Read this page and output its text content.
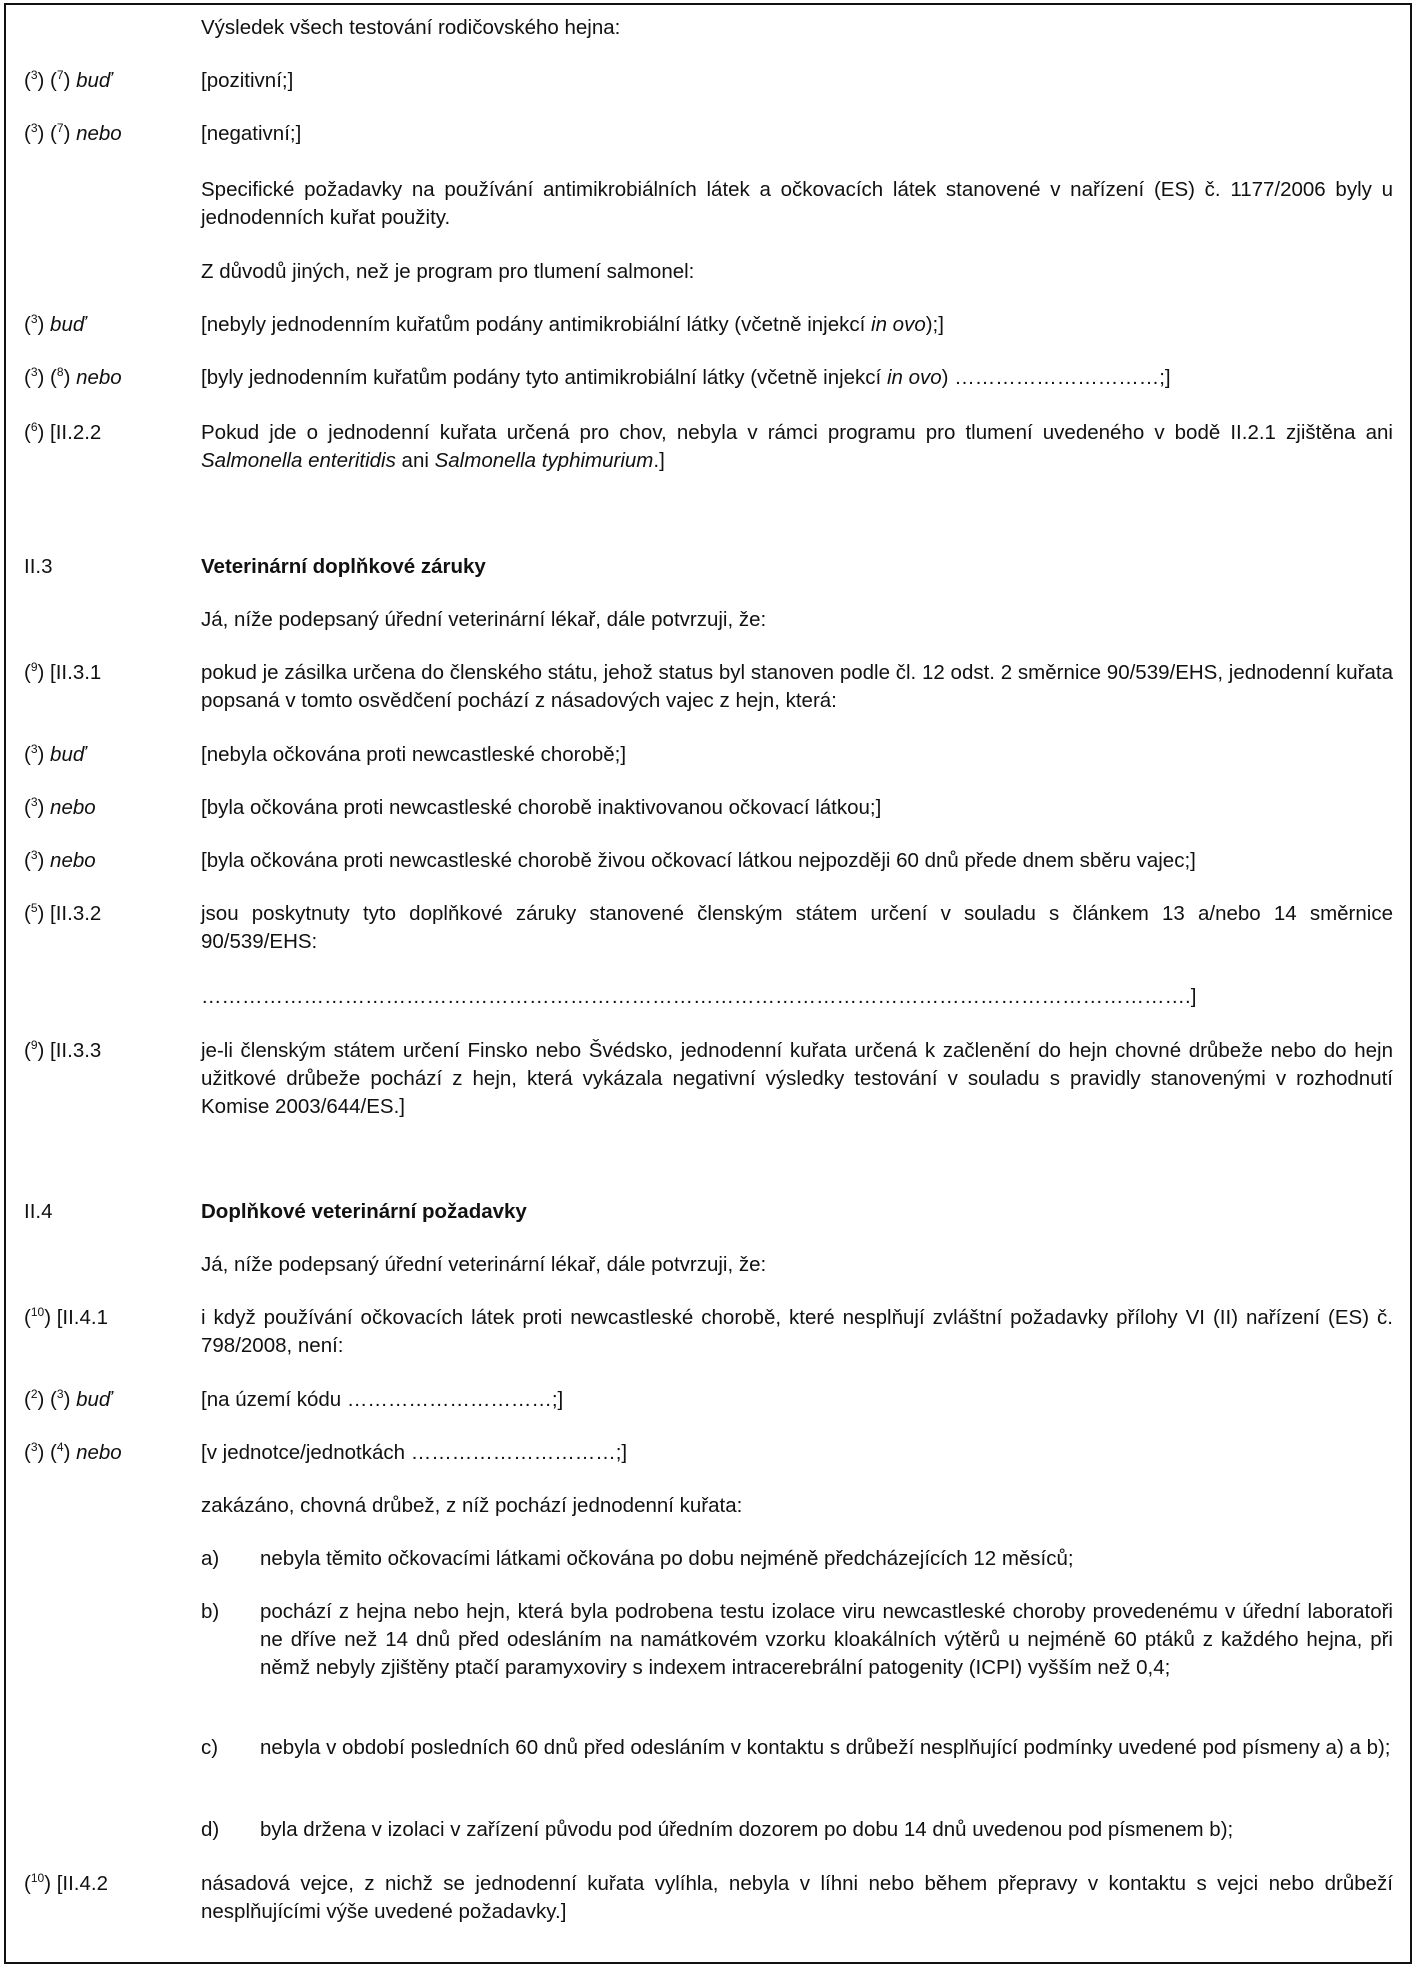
Výsledek všech testování rodičovského hejna:
($^3$) ($^7$) buď	[pozitivní;]
($^3$) ($^7$) nebo	[negativní;]
Specifické požadavky na používání antimikrobiálních látek a očkovacích látek stanovené v nařízení (ES) č. 1177/2006 byly u jednodenních kuřat použity.
Z důvodů jiných, než je program pro tlumení salmonel:
($^3$) buď	[nebyly jednodenním kuřatům podány antimikrobiální látky (včetně injekcí in ovo);]
($^3$) ($^8$) nebo	[byly jednodenním kuřatům podány tyto antimikrobiální látky (včetně injekcí in ovo) …………………………;]
($^6$) [II.2.2	Pokud jde o jednodenní kuřata určená pro chov, nebyla v rámci programu pro tlumení uvedeného v bodě II.2.1 zjištěna ani Salmonella enteritidis ani Salmonella typhimurium.]
II.3	Veterinární doplňkové záruky
Já, níže podepsaný úřední veterinární lékař, dále potvrzuji, že:
($^9$) [II.3.1	pokud je zásilka určena do členského státu, jehož status byl stanoven podle čl. 12 odst. 2 směrnice 90/539/EHS, jednodenní kuřata popsaná v tomto osvědčení pochází z násadových vajec z hejn, která:
($^3$) buď	[nebyla očkována proti newcastleské chorobě;]
($^3$) nebo	[byla očkována proti newcastleské chorobě inaktivovanou očkovací látkou;]
($^3$) nebo	[byla očkována proti newcastleské chorobě živou očkovací látkou nejpozději 60 dnů přede dnem sběru vajec;]
($^5$) [II.3.2	jsou poskytnuty tyto doplňkové záruky stanovené členským státem určení v souladu s článkem 13 a/nebo 14 směrnice 90/539/EHS:
……………………………………………………………………………………………………………………………….]
($^9$) [II.3.3	je-li členským státem určení Finsko nebo Švédsko, jednodenní kuřata určená k začlenění do hejn chovné drůbeže nebo do hejn užitkové drůbeže pochází z hejn, která vykázala negativní výsledky testování v souladu s pravidly stanovenými v rozhodnutí Komise 2003/644/ES.]
II.4	Doplňkové veterinární požadavky
Já, níže podepsaný úřední veterinární lékař, dále potvrzuji, že:
($^{10}$) [II.4.1	i když používání očkovacích látek proti newcastleské chorobě, které nesplňují zvláštní požadavky přílohy VI (II) nařízení (ES) č. 798/2008, není:
($^2$) ($^3$) buď	[na území kódu …………………………;]
($^3$) ($^4$) nebo	[v jednotce/jednotkách …………………………;]
zakázáno, chovná drůbež, z níž pochází jednodenní kuřata:
a) nebyla těmito očkovacími látkami očkována po dobu nejméně předcházejících 12 měsíců;
b) pochází z hejna nebo hejn, která byla podrobena testu izolace viru newcastleské choroby provedenému v úřední laboratoři ne dříve než 14 dnů před odesláním na namátkovém vzorku kloakálních výtěrů u nejméně 60 ptáků z každého hejna, při němž nebyly zjištěny ptačí paramyxoviry s indexem intracerebrální patogenity (ICPI) vyšším než 0,4;
c) nebyla v období posledních 60 dnů před odesláním v kontaktu s drůbeží nesplňující podmínky uvedené pod písmeny a) a b);
d) byla držena v izolaci v zařízení původu pod úředním dozorem po dobu 14 dnů uvedenou pod písmenem b);
($^{10}$) [II.4.2	násadová vejce, z nichž se jednodenní kuřata vylíhla, nebyla v líhni nebo během přepravy v kontaktu s vejci nebo drůbeží nesplňujícími výše uvedené požadavky.]
